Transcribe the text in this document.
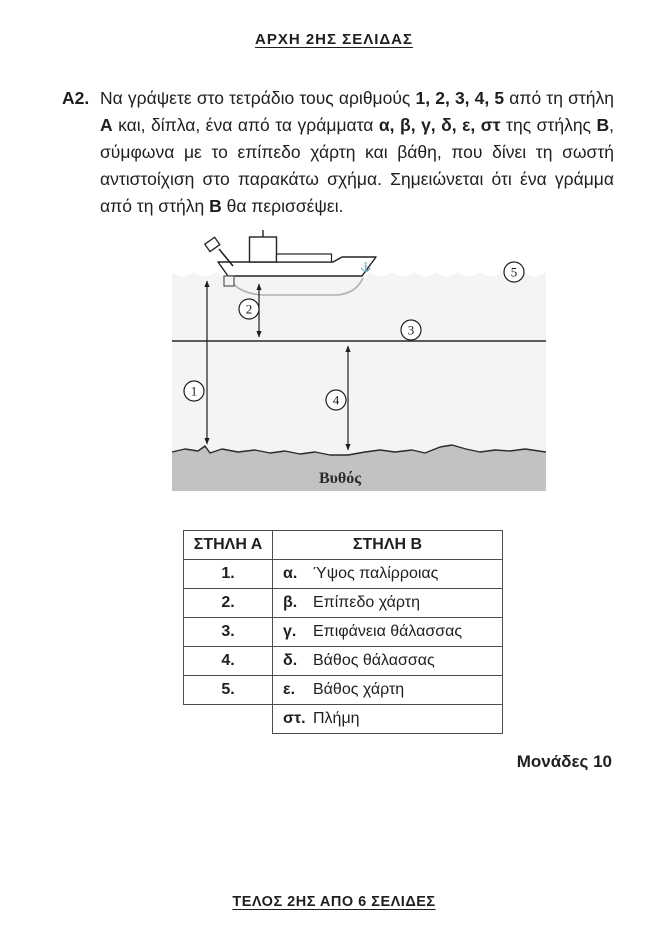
ΑΡΧΗ 2ΗΣ ΣΕΛΙΔΑΣ
Α2. Να γράψετε στο τετράδιο τους αριθμούς 1, 2, 3, 4, 5 από τη στήλη Α και, δίπλα, ένα από τα γράμματα α, β, γ, δ, ε, στ της στήλης Β, σύμφωνα με το επίπεδο χάρτη και βάθη, που δίνει τη σωστή αντιστοίχιση στο παρακάτω σχήμα. Σημειώνεται ότι ένα γράμμα από τη στήλη Β θα περισσέψει.

⚓
1
2
3
4
5
Βυθός
ΣΤΗΛΗ Α	ΣΤΗΛΗ Β
1.	α. Ύψος παλίρροιας
2.	β. Επίπεδο χάρτη
3.	γ. Επιφάνεια θάλασσας
4.	δ. Βάθος θάλασσας
5.	ε. Βάθος χάρτη
	στ. Πλήμη
Μονάδες 10
ΤΕΛΟΣ 2ΗΣ ΑΠΟ 6 ΣΕΛΙΔΕΣ
